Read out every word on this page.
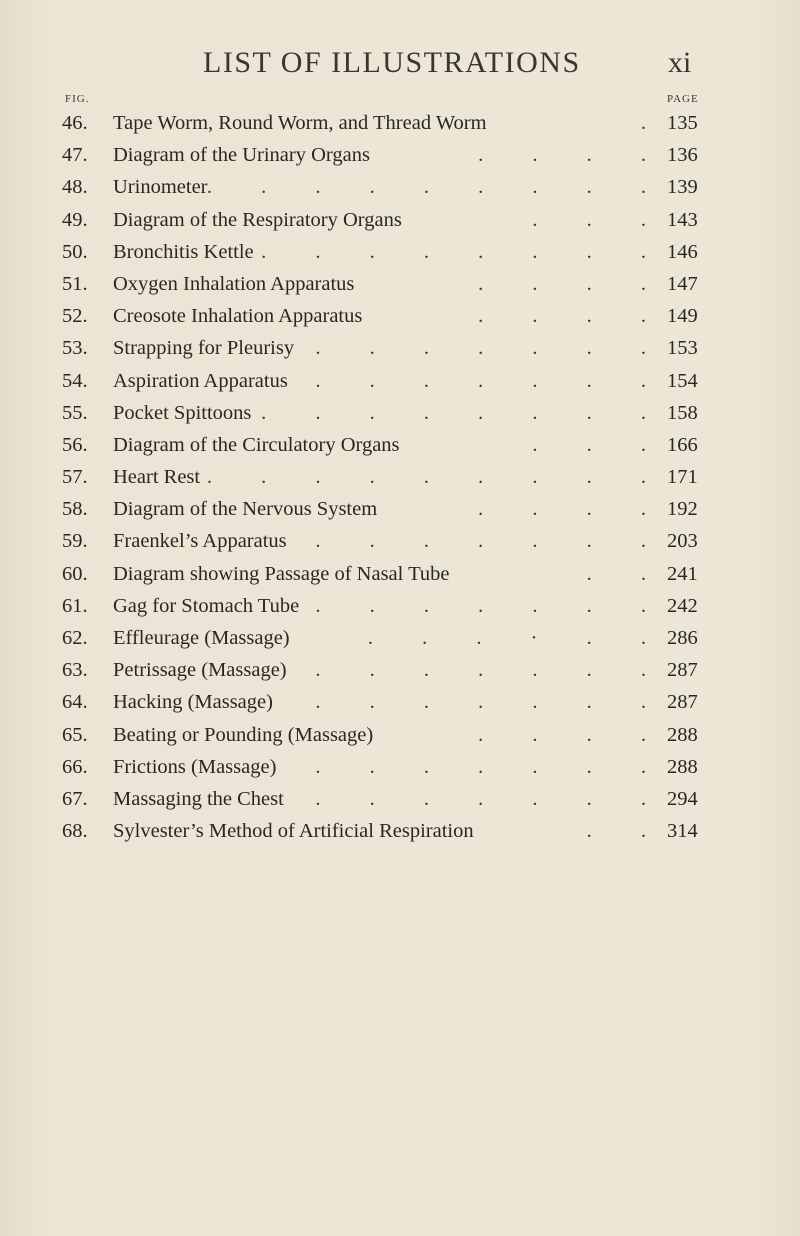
LIST OF ILLUSTRATIONS	xi
FIG.	PAGE
46. Tape Worm, Round Worm, and Thread Worm	. 135
47. Diagram of the Urinary Organs	. . . . 136
48. Urinometer . . . . . . . . . 139
49. Diagram of the Respiratory Organs	. . . 143
50. Bronchitis Kettle . . . . . . . . 146
51. Oxygen Inhalation Apparatus	. . . . 147
52. Creosote Inhalation Apparatus	. . . . 149
53. Strapping for Pleurisy . . . . . . . 153
54. Aspiration Apparatus . . . . . . . 154
55. Pocket Spittoons . . . . . . . . 158
56. Diagram of the Circulatory Organs	. . . 166
57. Heart Rest . . . . . . . . . 171
58. Diagram of the Nervous System	. . . . 192
59. Fraenkel’s Apparatus . . . . . . . 203
60. Diagram showing Passage of Nasal Tube	. . 241
61. Gag for Stomach Tube . . . . . . . 242
62. Effleurage (Massage)	. . . · . . 286
63. Petrissage (Massage) . . . . . . . 287
64. Hacking (Massage) . . . . . . . 287
65. Beating or Pounding (Massage)	. . . . 288
66. Frictions (Massage) . . . . . . . 288
67. Massaging the Chest . . . . . . . 294
68. Sylvester’s Method of Artificial Respiration	. . 314
